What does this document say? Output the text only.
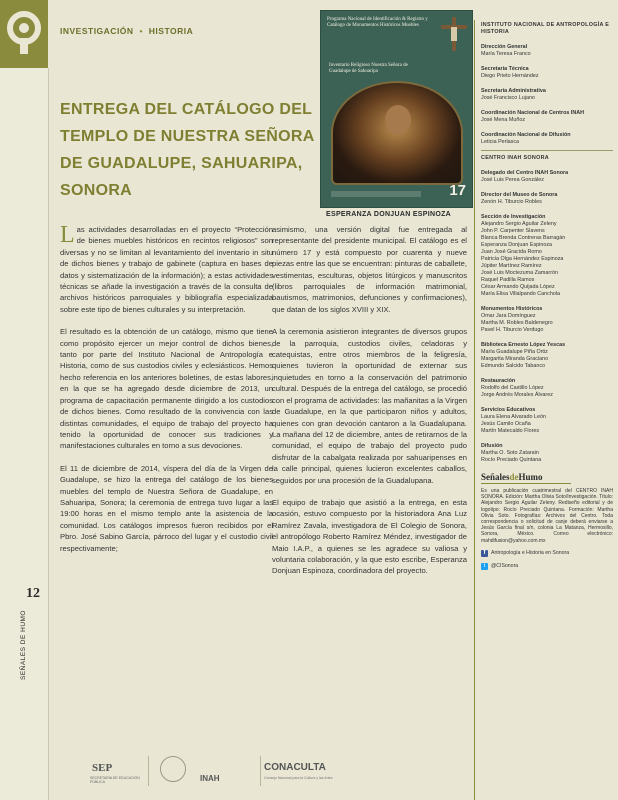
INVESTIGACIÓN • HISTORIA
ENTREGA DEL CATÁLOGO DEL TEMPLO DE NUESTRA SEÑORA DE GUADALUPE, SAHUARIPA, SONORA
Programa Nacional de Identificación & Registro y Catálogo de Monumentos Históricos Muebles
Inventario Religioso Nuestra Señora de Guadalupe de Sahuaripa
17
ESPERANZA DONJUAN ESPINOZA

Las actividades desarrolladas en el proyecto “Protección de bienes muebles históricos en recintos religiosos” son diversas y no se limitan al levantamiento del inventario in situ de dichos bienes y trabajo de gabinete (captura en bases de datos y sistematización de la información); a estas actividades técnicas se añade la investigación a través de la consulta de archivos históricos parroquiales y bibliografía especializada sobre este tipo de bienes culturales y su interpretación.

El resultado es la obtención de un catálogo, mismo que tiene como propósito ejercer un mejor control de dichos bienes, tanto por parte del Instituto Nacional de Antropología e Historia, como de sus custodios civiles y eclesiásticos. Hemos hecho referencia en los anteriores boletines, de estas labores, en la que se ha agregado desde diciembre de 2013, un programa de capacitación permanente dirigido a los custodios de dichos bienes. Como resultado de la convivencia con las distintas comunidades, el equipo de trabajo del proyecto ha tenido la oportunidad de conocer sus tradiciones y manifestaciones culturales en torno a sus devociones.

El 11 de diciembre de 2014, víspera del día de la Virgen de Guadalupe, se hizo la entrega del catálogo de los bienes muebles del templo de Nuestra Señora de Guadalupe, en Sahuaripa, Sonora; la ceremonia de entrega tuvo lugar a las 19:00 horas en el mismo templo ante la asistencia de la comunidad. Los catálogos impresos fueron recibidos por el Pbro. José Sabino García, párroco del lugar y el custodio civil respectivamente;

asimismo, una versión digital fue entregada al representante del presidente municipal. El catálogo es el número 17 y está compuesto por cuarenta y nueve piezas entre las que se encuentran: pinturas de caballete, vestimentas, esculturas, objetos litúrgicos y manuscritos (libros parroquiales de información matrimonial, bautismos, matrimonios, defunciones y confirmaciones), que datan de los siglos XVIII y XIX.

A la ceremonia asistieron integrantes de diversos grupos de la parroquia, custodios civiles, celadoras y catequistas, entre otros miembros de la feligresía, quienes tuvieron la oportunidad de externar sus inquietudes en torno a la conservación del patrimonio cultural. Después de la entrega del catálogo, se procedió con el programa de actividades: las mañanitas a la Virgen de Guadalupe, en la que participaron niños y adultos, quienes con gran devoción cantaron a la Guadalupana. La mañana del 12 de diciembre, antes de retirarnos de la comunidad, el equipo de trabajo del proyecto pudo disfrutar de la cabalgata realizada por sahuaripenses en la calle principal, quienes lucieron excelentes caballos, seguidos por una procesión de la Guadalupana.

El equipo de trabajo que asistió a la entrega, en esta ocasión, estuvo compuesto por la historiadora Ana Luz Ramírez Zavala, investigadora de El Colegio de Sonora, el antropólogo Roberto Ramírez Méndez, investigador de Maio I.A.P., a quienes se les agradece su valiosa y voluntaria colaboración, y la que esto escribe, Esperanza Donjuan Espinoza, coordinadora del proyecto.

INSTITUTO NACIONAL DE ANTROPOLOGÍA E HISTORIA
Dirección General
María Teresa Franco
Secretaría Técnica
Diego Prieto Hernández
Secretaría Administrativa
José Francisco Lujano
Coordinación Nacional de Centros INAH
José Mena Muñoz
Coordinación Nacional de Difusión
Leticia Perlasca
CENTRO INAH SONORA
Delegado del Centro INAH Sonora
José Luis Perea González
Director del Museo de Sonora
Zenón H. Tiburcio Robles
Sección de Investigación
Alejandro Sergio Aguilar Zeleny
John P. Carpenter Slavens
Blanca Brenda Contreras Barragán
Esperanza Donjuan Espinoza
Juan José Gracida Romo
Patricia Olga Hernández Espinoza
Júpiter Martínez Ramírez
José Luis Moctezuma Zamarrón
Raquel Padilla Ramos
César Armando Quijada López
María Elisa Villalpando Canchola
Monumentos Históricos
Omar Jara Domínguez
Martha M. Robles Baldenegro
Pavel H. Tiburcio Verdugo
Biblioteca Ernesto López Yescas
María Guadalupe Piña Ortiz
Margarita Miranda Graciano
Edmundo Salcido Tabanco
Restauración
Rodolfo del Castillo López
Jorge Andrés Morales Álvarez
Servicios Educativos
Laura Elena Alvarado León
Jesús Camilo Ocaña
Martín Matecaldo Flores
Difusión
Martha O. Soto Zatarain
Rocío Preciado Quintana
SeñalesdeHumo
Es una publicación cuatrimestral del CENTRO INAH SONORA. Edición: Martha Olivia Soto/Investigación. Título: Alejandro Sergio Aguilar Zeleny. Rediseño editorial y de logotipo: Rocío Preciado Quintana. Formación: Martha Olivia Soto. Fotografías: Archivos del Centro. Toda correspondencia o solicitud de canje deberá enviarse a Jesús García final s/n, colonia La Matanza, Hermosillo, Sonora, México. Correo electrónico: mahdifusion@yahoo.com.mx
f	Antropología e Historia en Sonora
t	@CISonora
12
SEÑALES DE HUMO
SEP
SECRETARÍA DE EDUCACIÓN PÚBLICA	INAH
CONACULTA
Consejo Nacional para la Cultura y las Artes
